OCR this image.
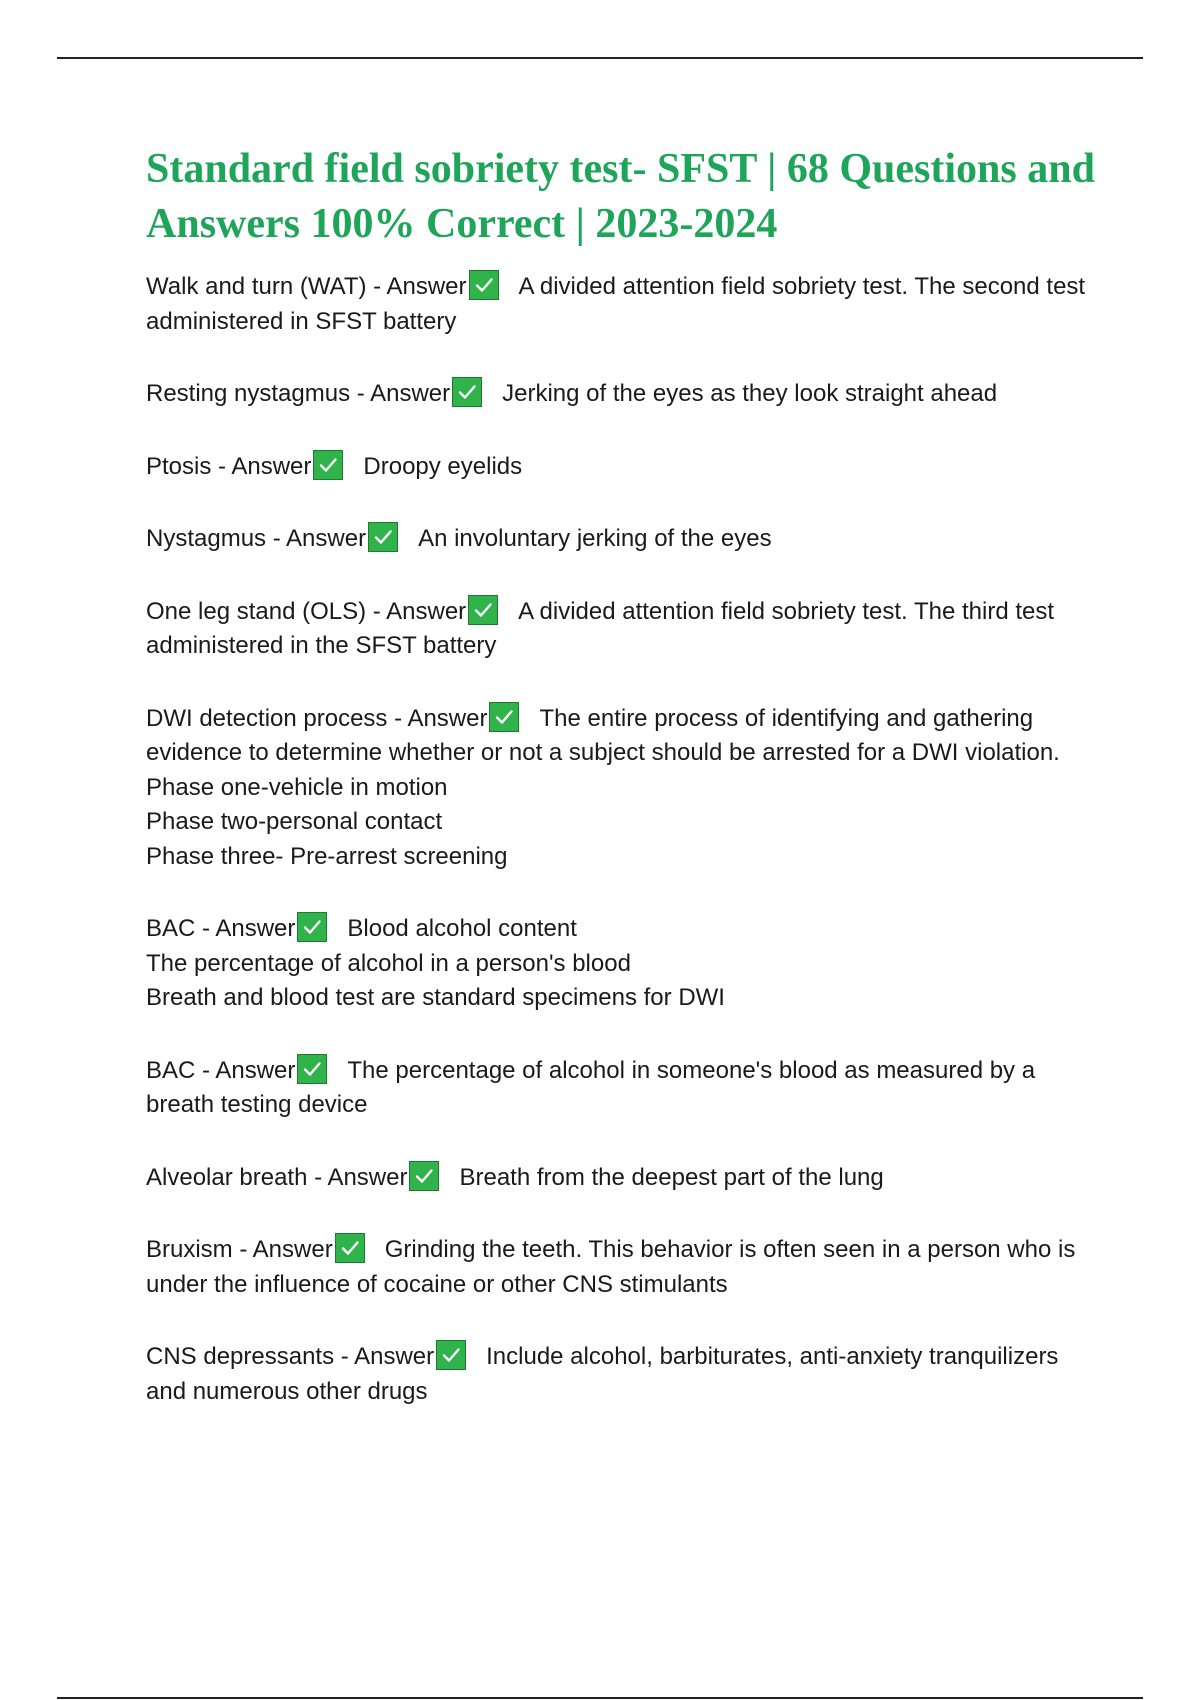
Standard field sobriety test- SFST | 68 Questions and Answers 100% Correct | 2023-2024
Walk and turn (WAT) - Answer A divided attention field sobriety test. The second test administered in SFST battery
Resting nystagmus - Answer Jerking of the eyes as they look straight ahead
Ptosis - Answer Droopy eyelids
Nystagmus - Answer An involuntary jerking of the eyes
One leg stand (OLS) - Answer A divided attention field sobriety test. The third test administered in the SFST battery
DWI detection process - Answer The entire process of identifying and gathering evidence to determine whether or not a subject should be arrested for a DWI violation.
Phase one-vehicle in motion
Phase two-personal contact
Phase three- Pre-arrest screening
BAC - Answer Blood alcohol content
The percentage of alcohol in a person's blood
Breath and blood test are standard specimens for DWI
BAC - Answer The percentage of alcohol in someone's blood as measured by a breath testing device
Alveolar breath - Answer Breath from the deepest part of the lung
Bruxism - Answer Grinding the teeth. This behavior is often seen in a person who is under the influence of cocaine or other CNS stimulants
CNS depressants - Answer Include alcohol, barbiturates, anti-anxiety tranquilizers and numerous other drugs
